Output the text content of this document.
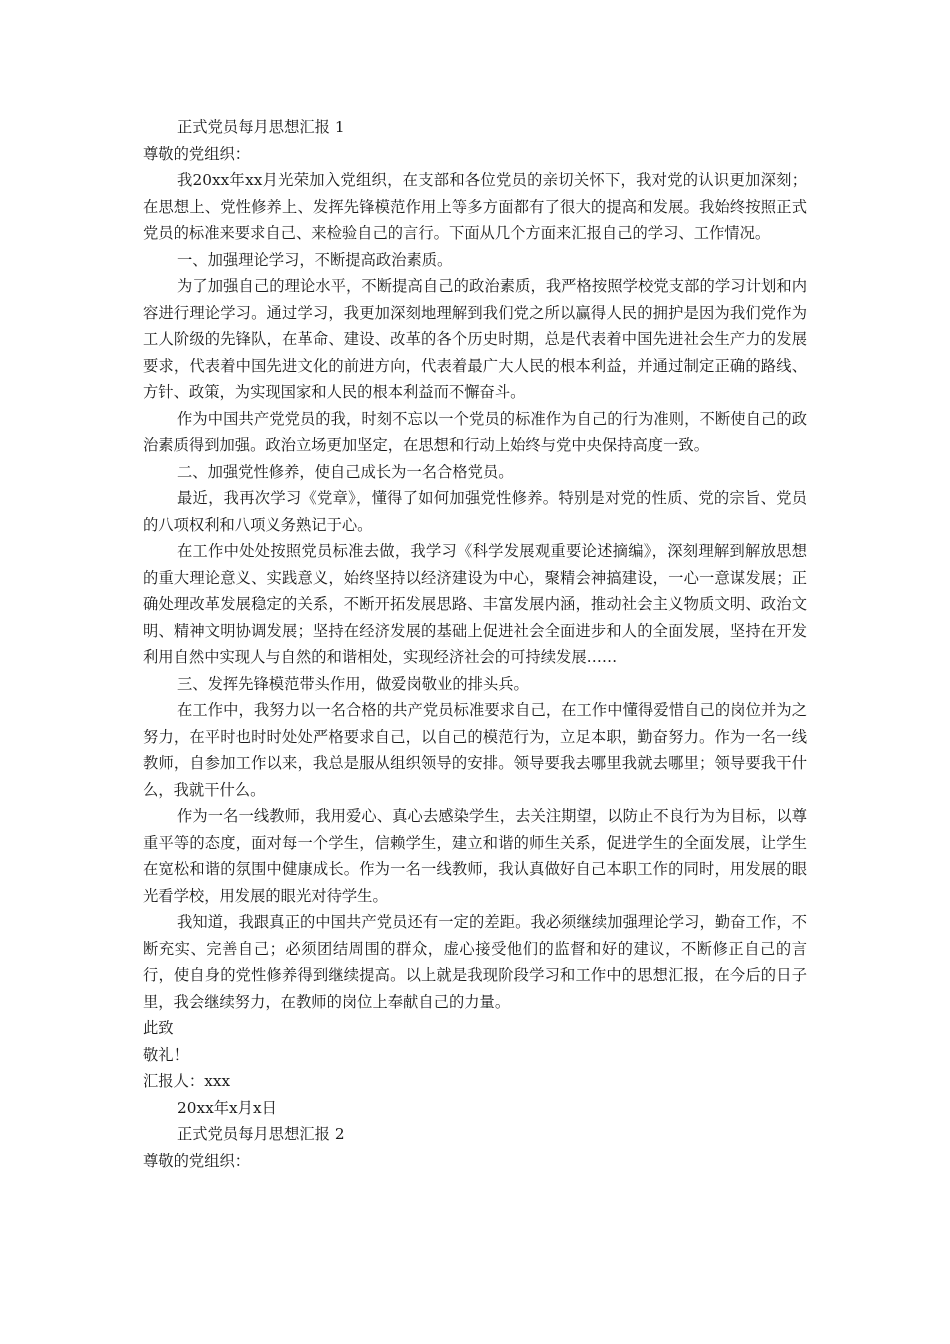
正式党员每月思想汇报 1

尊敬的党组织：

我20xx年xx月光荣加入党组织，在支部和各位党员的亲切关怀下，我对党的认识更加深刻；在思想上、党性修养上、发挥先锋模范作用上等多方面都有了很大的提高和发展。我始终按照正式党员的标准来要求自己、来检验自己的言行。下面从几个方面来汇报自己的学习、工作情况。

一、加强理论学习，不断提高政治素质。

为了加强自己的理论水平，不断提高自己的政治素质，我严格按照学校党支部的学习计划和内容进行理论学习。通过学习，我更加深刻地理解到我们党之所以赢得人民的拥护是因为我们党作为工人阶级的先锋队，在革命、建设、改革的各个历史时期，总是代表着中国先进社会生产力的发展要求，代表着中国先进文化的前进方向，代表着最广大人民的根本利益，并通过制定正确的路线、方针、政策，为实现国家和人民的根本利益而不懈奋斗。

作为中国共产党党员的我，时刻不忘以一个党员的标准作为自己的行为准则，不断使自己的政治素质得到加强。政治立场更加坚定，在思想和行动上始终与党中央保持高度一致。

二、加强党性修养，使自己成长为一名合格党员。

最近，我再次学习《党章》，懂得了如何加强党性修养。特别是对党的性质、党的宗旨、党员的八项权利和八项义务熟记于心。

在工作中处处按照党员标准去做，我学习《科学发展观重要论述摘编》，深刻理解到解放思想的重大理论意义、实践意义，始终坚持以经济建设为中心，聚精会神搞建设，一心一意谋发展；正确处理改革发展稳定的关系，不断开拓发展思路、丰富发展内涵，推动社会主义物质文明、政治文明、精神文明协调发展；坚持在经济发展的基础上促进社会全面进步和人的全面发展，坚持在开发利用自然中实现人与自然的和谐相处，实现经济社会的可持续发展……

三、发挥先锋模范带头作用，做爱岗敬业的排头兵。

在工作中，我努力以一名合格的共产党员标准要求自己，在工作中懂得爱惜自己的岗位并为之努力，在平时也时时处处严格要求自己，以自己的模范行为，立足本职，勤奋努力。作为一名一线教师，自参加工作以来，我总是服从组织领导的安排。领导要我去哪里我就去哪里；领导要我干什么，我就干什么。

作为一名一线教师，我用爱心、真心去感染学生，去关注期望，以防止不良行为为目标，以尊重平等的态度，面对每一个学生，信赖学生，建立和谐的师生关系，促进学生的全面发展，让学生在宽松和谐的氛围中健康成长。作为一名一线教师，我认真做好自己本职工作的同时，用发展的眼光看学校，用发展的眼光对待学生。

我知道，我跟真正的中国共产党员还有一定的差距。我必须继续加强理论学习，勤奋工作，不断充实、完善自己；必须团结周围的群众，虚心接受他们的监督和好的建议，不断修正自己的言行，使自身的党性修养得到继续提高。以上就是我现阶段学习和工作中的思想汇报，在今后的日子里，我会继续努力，在教师的岗位上奉献自己的力量。

此致

敬礼！

汇报人：xxx

20xx年x月x日

正式党员每月思想汇报 2

尊敬的党组织：
